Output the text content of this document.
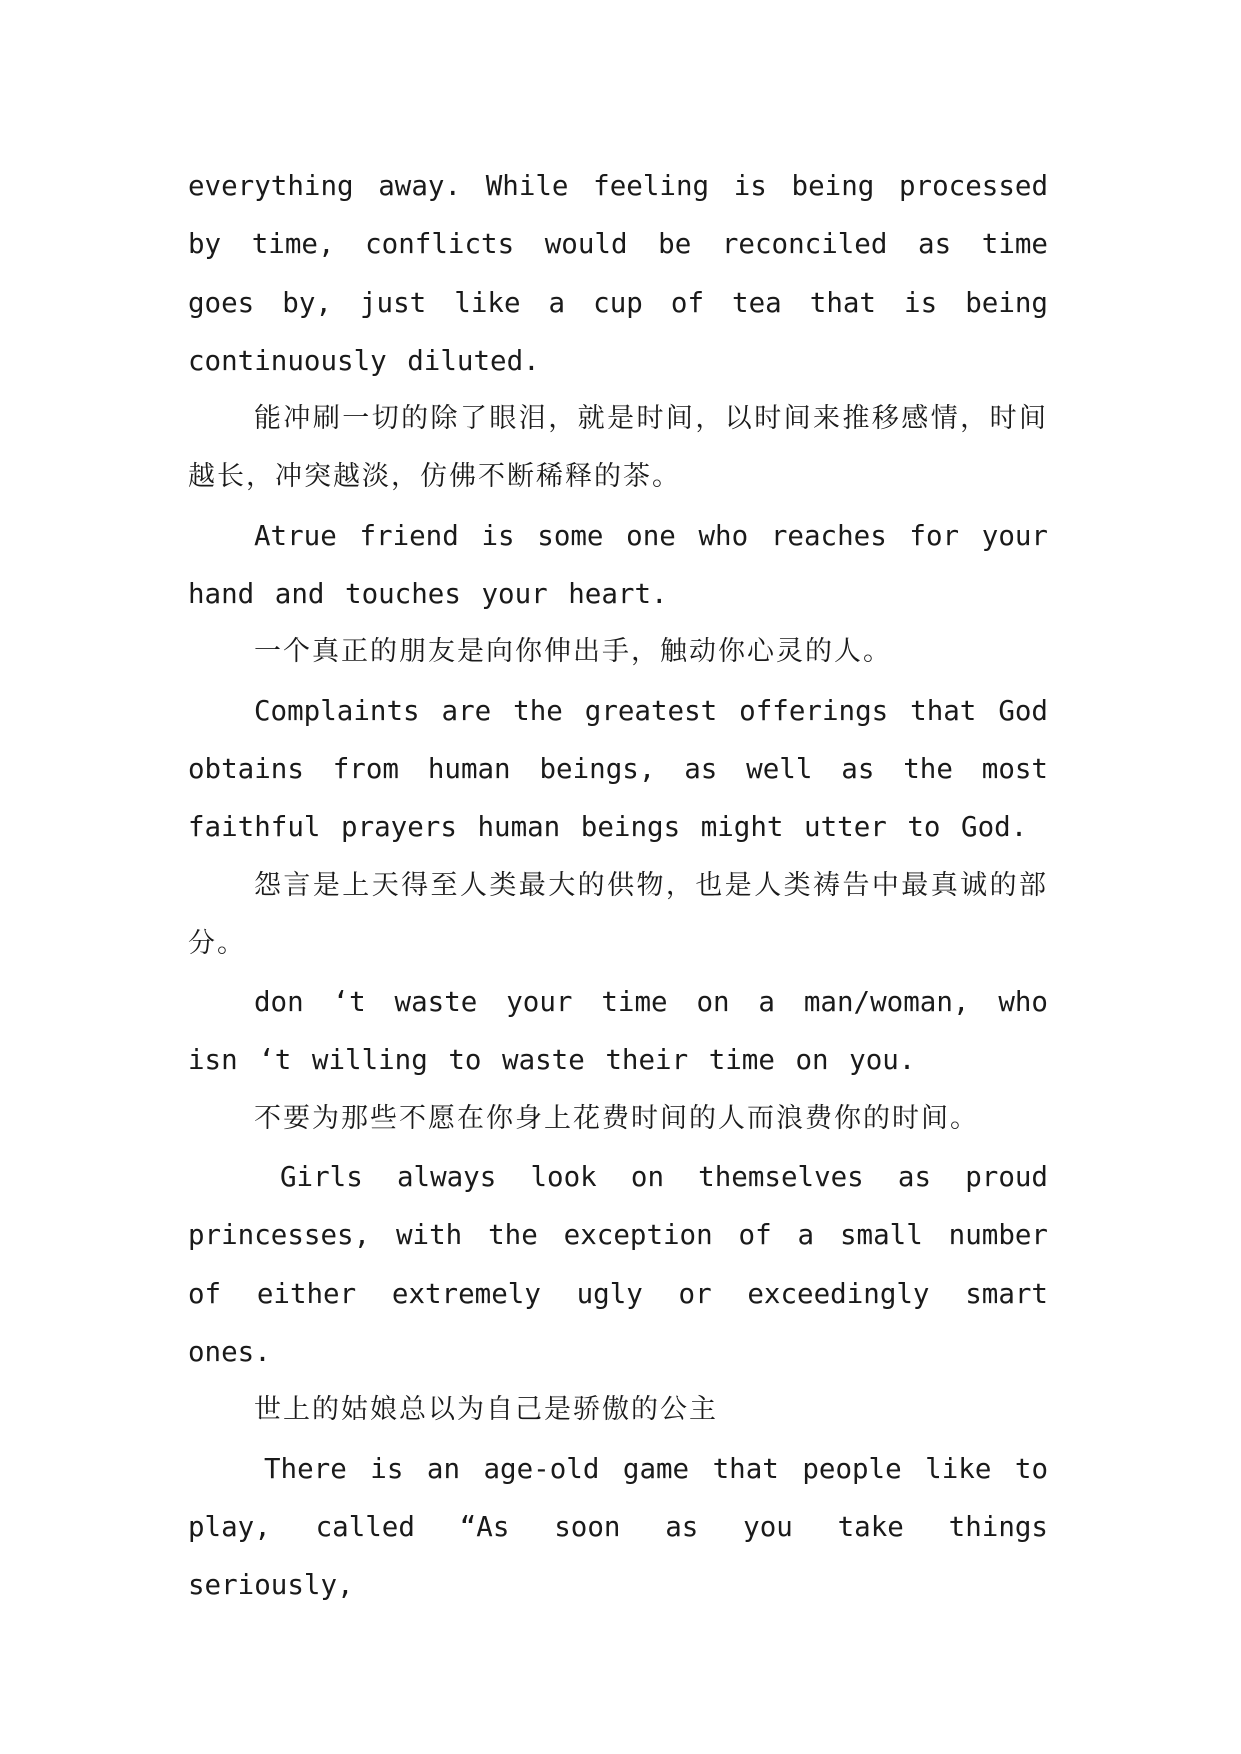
everything away. While feeling is being processed by time, conflicts would be reconciled as time goes by, just like a cup of tea that is being continuously diluted.

能冲刷一切的除了眼泪，就是时间，以时间来推移感情，时间越长，冲突越淡，仿佛不断稀释的茶。

Atrue friend is some one who reaches for your hand and touches your heart.

一个真正的朋友是向你伸出手，触动你心灵的人。

Complaints are the greatest offerings that God obtains from human beings, as well as the most faithful prayers human beings might utter to God.

怨言是上天得至人类最大的供物，也是人类祷告中最真诚的部分。

don ‘t waste your time on a man/woman, who isn ‘t willing to waste their time on you.

不要为那些不愿在你身上花费时间的人而浪费你的时间。

Girls always look on themselves as proud princesses, with the exception of a small number of either extremely ugly or exceedingly smart ones.

世上的姑娘总以为自己是骄傲的公主

There is an age-old game that people like to play, called “As soon as you take things seriously,
